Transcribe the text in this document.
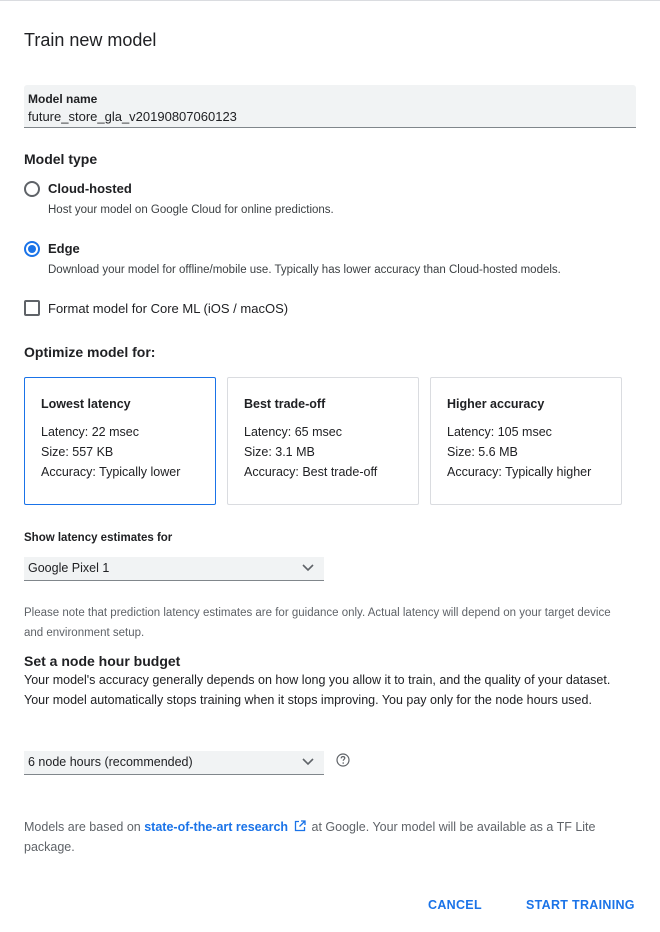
Train new model
Model name
future_store_gla_v20190807060123
Model type
Cloud-hosted
Host your model on Google Cloud for online predictions.
Edge
Download your model for offline/mobile use. Typically has lower accuracy than Cloud-hosted models.
Format model for Core ML (iOS / macOS)
Optimize model for:
Lowest latency
Latency: 22 msec
Size: 557 KB
Accuracy: Typically lower
Best trade-off
Latency: 65 msec
Size: 3.1 MB
Accuracy: Best trade-off
Higher accuracy
Latency: 105 msec
Size: 5.6 MB
Accuracy: Typically higher
Show latency estimates for
Google Pixel 1
Please note that prediction latency estimates are for guidance only. Actual latency will depend on your target device and environment setup.
Set a node hour budget
Your model's accuracy generally depends on how long you allow it to train, and the quality of your dataset. Your model automatically stops training when it stops improving. You pay only for the node hours used.
6 node hours (recommended)
Models are based on state-of-the-art research at Google. Your model will be available as a TF Lite package.
CANCEL	START TRAINING
